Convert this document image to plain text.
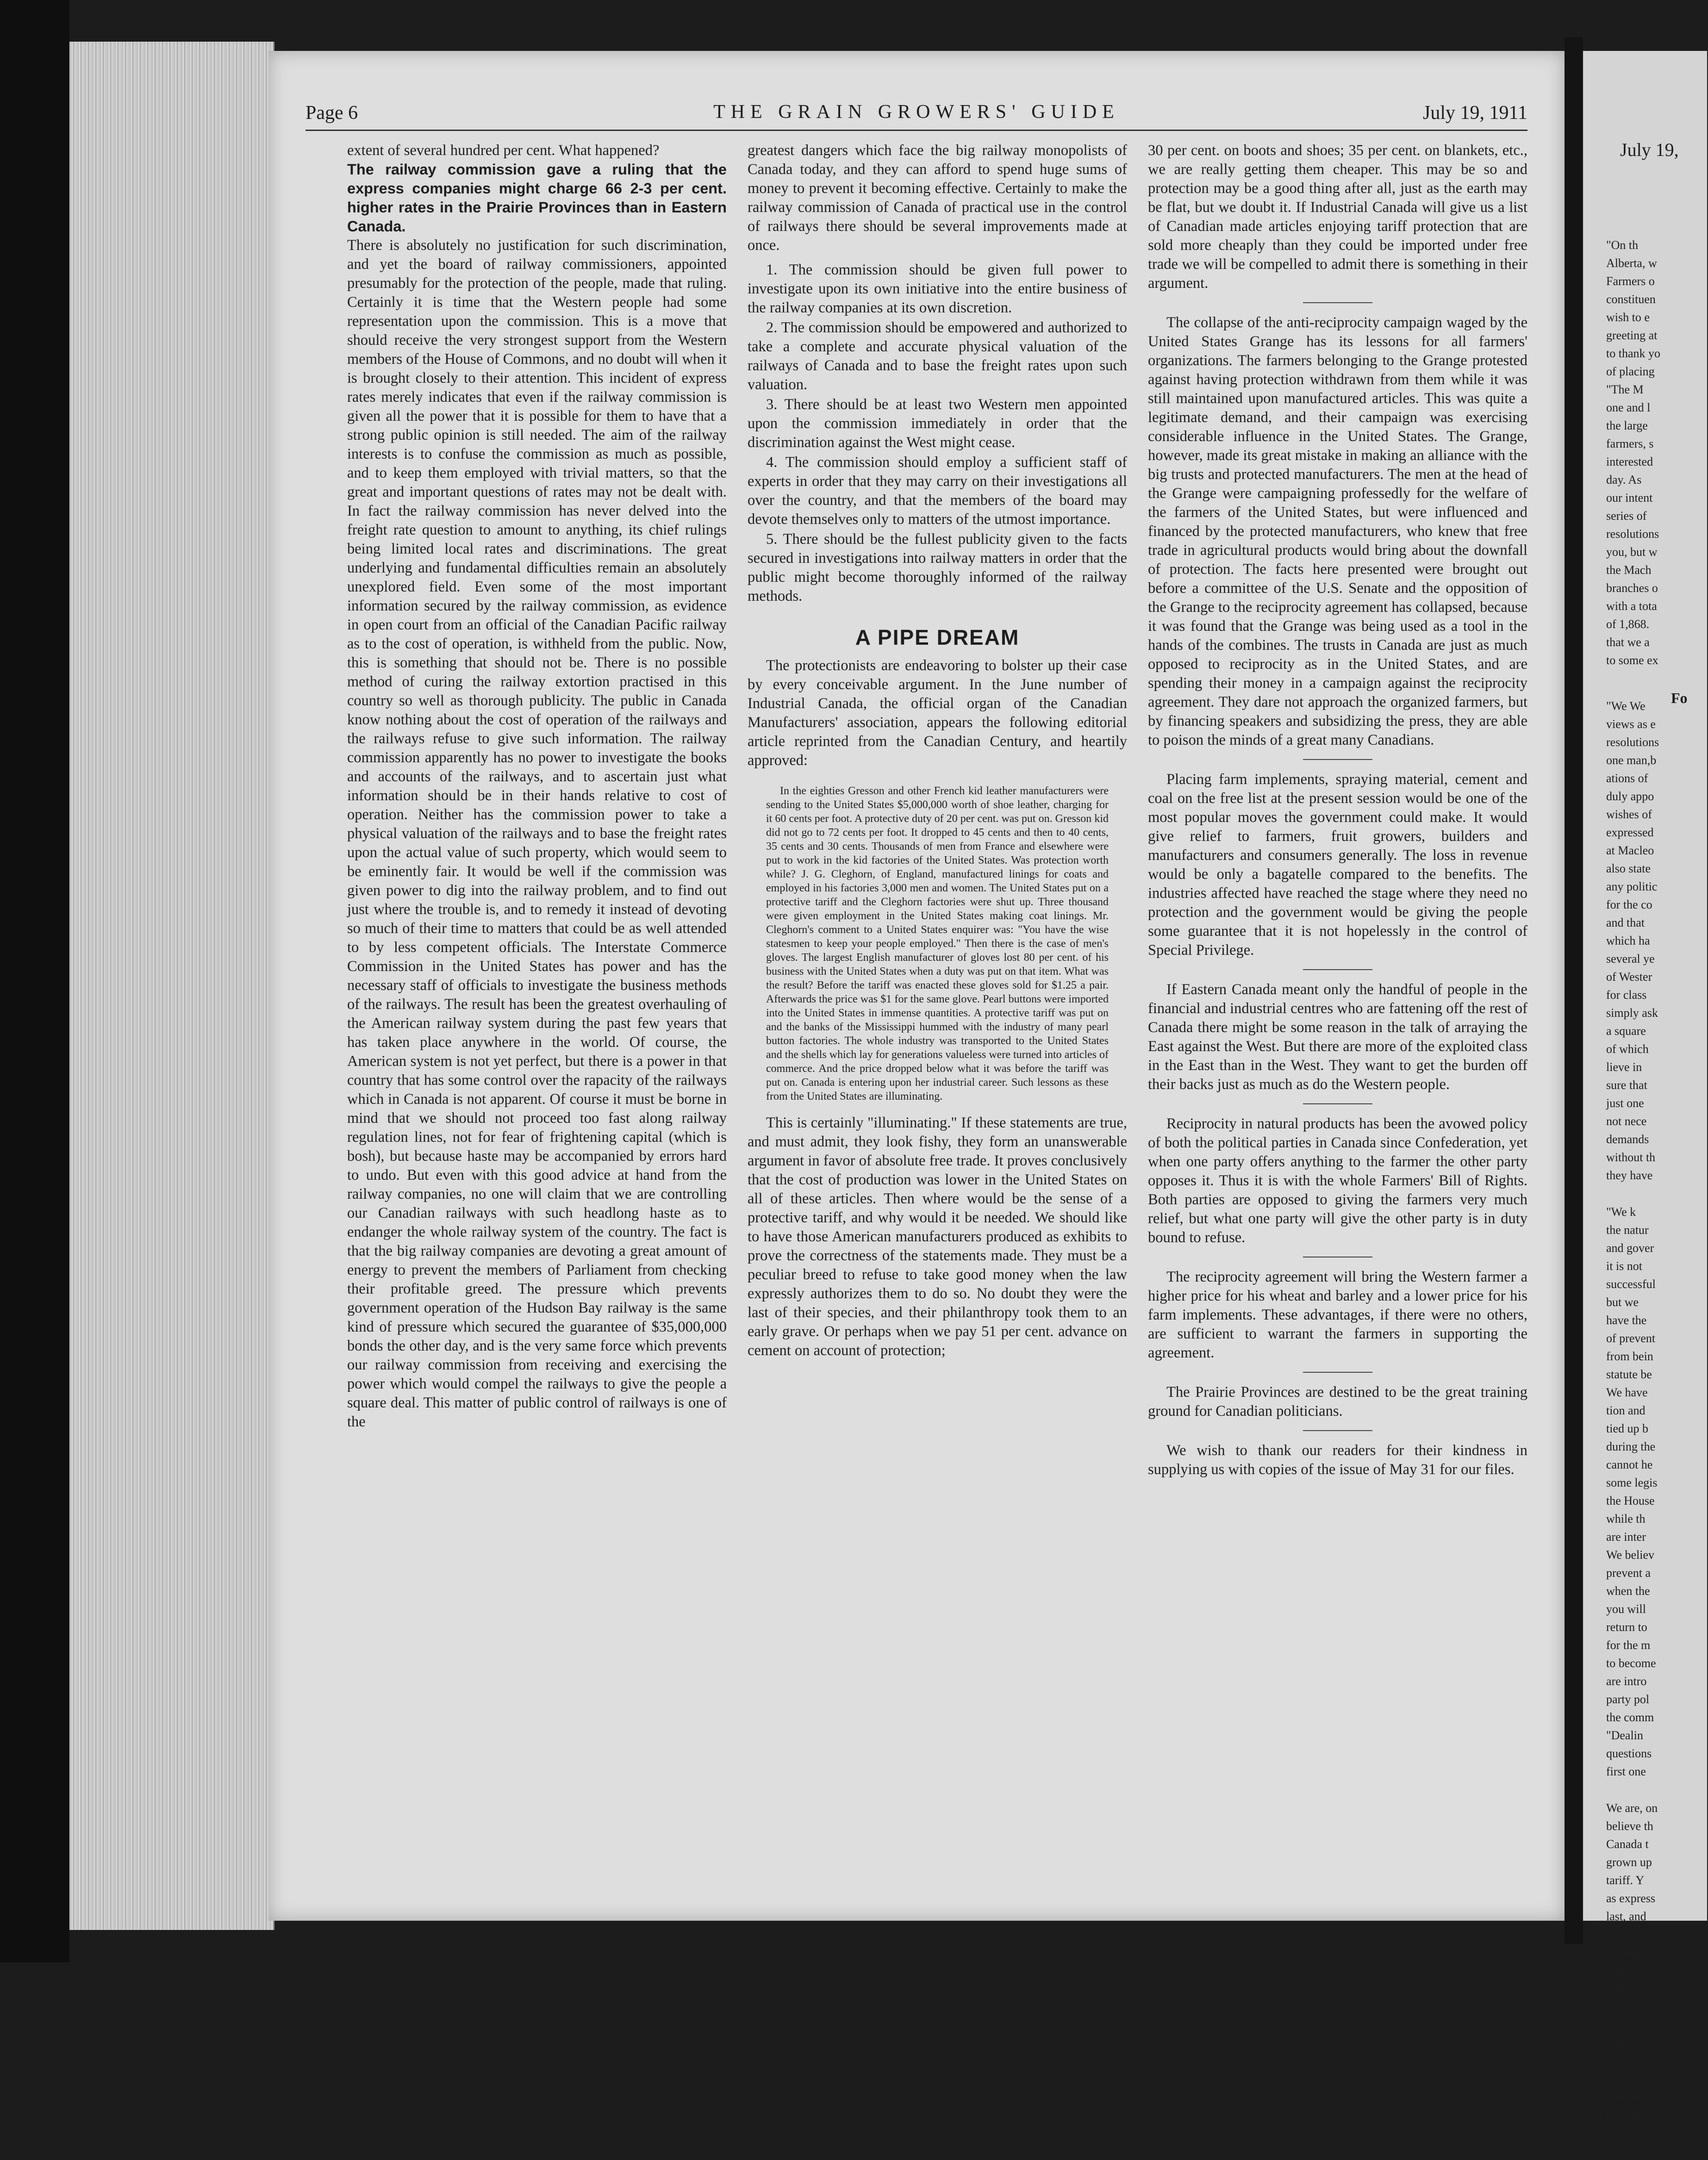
Page 6	THE GRAIN GROWERS' GUIDE	July 19, 1911

extent of several hundred per cent. What happened?

The railway commission gave a ruling that the express companies might charge 66 2-3 per cent. higher rates in the Prairie Provinces than in Eastern Canada.

There is absolutely no justification for such discrimination, and yet the board of railway commissioners, appointed presumably for the protection of the people, made that ruling. Certainly it is time that the Western people had some representation upon the commission. This is a move that should receive the very strongest support from the Western members of the House of Commons, and no doubt will when it is brought closely to their attention. This incident of express rates merely indicates that even if the railway commission is given all the power that it is possible for them to have that a strong public opinion is still needed. The aim of the railway interests is to confuse the commission as much as possible, and to keep them employed with trivial matters, so that the great and important questions of rates may not be dealt with. In fact the railway commission has never delved into the freight rate question to amount to anything, its chief rulings being limited local rates and discriminations. The great underlying and fundamental difficulties remain an absolutely unexplored field. Even some of the most important information secured by the railway commission, as evidence in open court from an official of the Canadian Pacific railway as to the cost of operation, is withheld from the public. Now, this is something that should not be. There is no possible method of curing the railway extortion practised in this country so well as thorough publicity. The public in Canada know nothing about the cost of operation of the railways and the railways refuse to give such information. The railway commission apparently has no power to investigate the books and accounts of the railways, and to ascertain just what information should be in their hands relative to cost of operation. Neither has the commission power to take a physical valuation of the railways and to base the freight rates upon the actual value of such property, which would seem to be eminently fair. It would be well if the commission was given power to dig into the railway problem, and to find out just where the trouble is, and to remedy it instead of devoting so much of their time to matters that could be as well attended to by less competent officials. The Interstate Commerce Commission in the United States has power and has the necessary staff of officials to investigate the business methods of the railways. The result has been the greatest overhauling of the American railway system during the past few years that has taken place anywhere in the world. Of course, the American system is not yet perfect, but there is a power in that country that has some control over the rapacity of the railways which in Canada is not apparent. Of course it must be borne in mind that we should not proceed too fast along railway regulation lines, not for fear of frightening capital (which is bosh), but because haste may be accompanied by errors hard to undo. But even with this good advice at hand from the railway companies, no one will claim that we are controlling our Canadian railways with such headlong haste as to endanger the whole railway system of the country. The fact is that the big railway companies are devoting a great amount of energy to prevent the members of Parliament from checking their profitable greed. The pressure which prevents government operation of the Hudson Bay railway is the same kind of pressure which secured the guarantee of $35,000,000 bonds the other day, and is the very same force which prevents our railway commission from receiving and exercising the power which would compel the railways to give the people a square deal. This matter of public control of railways is one of the

greatest dangers which face the big railway monopolists of Canada today, and they can afford to spend huge sums of money to prevent it becoming effective. Certainly to make the railway commission of Canada of practical use in the control of railways there should be several improvements made at once.

1. The commission should be given full power to investigate upon its own initiative into the entire business of the railway companies at its own discretion.

2. The commission should be empowered and authorized to take a complete and accurate physical valuation of the railways of Canada and to base the freight rates upon such valuation.

3. There should be at least two Western men appointed upon the commission immediately in order that the discrimination against the West might cease.

4. The commission should employ a sufficient staff of experts in order that they may carry on their investigations all over the country, and that the members of the board may devote themselves only to matters of the utmost importance.

5. There should be the fullest publicity given to the facts secured in investigations into railway matters in order that the public might become thoroughly informed of the railway methods.

A PIPE DREAM

The protectionists are endeavoring to bolster up their case by every conceivable argument. In the June number of Industrial Canada, the official organ of the Canadian Manufacturers' association, appears the following editorial article reprinted from the Canadian Century, and heartily approved:

In the eighties Gresson and other French kid leather manufacturers were sending to the United States $5,000,000 worth of shoe leather, charging for it 60 cents per foot. A protective duty of 20 per cent. was put on. Gresson kid did not go to 72 cents per foot. It dropped to 45 cents and then to 40 cents, 35 cents and 30 cents. Thousands of men from France and elsewhere were put to work in the kid factories of the United States. Was protection worth while? J. G. Cleghorn, of England, manufactured linings for coats and employed in his factories 3,000 men and women. The United States put on a protective tariff and the Cleghorn factories were shut up. Three thousand were given employment in the United States making coat linings. Mr. Cleghorn's comment to a United States enquirer was: "You have the wise statesmen to keep your people employed." Then there is the case of men's gloves. The largest English manufacturer of gloves lost 80 per cent. of his business with the United States when a duty was put on that item. What was the result? Before the tariff was enacted these gloves sold for $1.25 a pair. Afterwards the price was $1 for the same glove. Pearl buttons were imported into the United States in immense quantities. A protective tariff was put on and the banks of the Mississippi hummed with the industry of many pearl button factories. The whole industry was transported to the United States and the shells which lay for generations valueless were turned into articles of commerce. And the price dropped below what it was before the tariff was put on. Canada is entering upon her industrial career. Such lessons as these from the United States are illuminating.

This is certainly "illuminating." If these statements are true, and must admit, they look fishy, they form an unanswerable argument in favor of absolute free trade. It proves conclusively that the cost of production was lower in the United States on all of these articles. Then where would be the sense of a protective tariff, and why would it be needed. We should like to have those American manufacturers produced as exhibits to prove the correctness of the statements made. They must be a peculiar breed to refuse to take good money when the law expressly authorizes them to do so. No doubt they were the last of their species, and their philanthropy took them to an early grave. Or perhaps when we pay 51 per cent. advance on cement on account of protection;

30 per cent. on boots and shoes; 35 per cent. on blankets, etc., we are really getting them cheaper. This may be so and protection may be a good thing after all, just as the earth may be flat, but we doubt it. If Industrial Canada will give us a list of Canadian made articles enjoying tariff protection that are sold more cheaply than they could be imported under free trade we will be compelled to admit there is something in their argument.

The collapse of the anti-reciprocity campaign waged by the United States Grange has its lessons for all farmers' organizations. The farmers belonging to the Grange protested against having protection withdrawn from them while it was still maintained upon manufactured articles. This was quite a legitimate demand, and their campaign was exercising considerable influence in the United States. The Grange, however, made its great mistake in making an alliance with the big trusts and protected manufacturers. The men at the head of the Grange were campaigning professedly for the welfare of the farmers of the United States, but were influenced and financed by the protected manufacturers, who knew that free trade in agricultural products would bring about the downfall of protection. The facts here presented were brought out before a committee of the U.S. Senate and the opposition of the Grange to the reciprocity agreement has collapsed, because it was found that the Grange was being used as a tool in the hands of the combines. The trusts in Canada are just as much opposed to reciprocity as in the United States, and are spending their money in a campaign against the reciprocity agreement. They dare not approach the organized farmers, but by financing speakers and subsidizing the press, they are able to poison the minds of a great many Canadians.

Placing farm implements, spraying material, cement and coal on the free list at the present session would be one of the most popular moves the government could make. It would give relief to farmers, fruit growers, builders and manufacturers and consumers generally. The loss in revenue would be only a bagatelle compared to the benefits. The industries affected have reached the stage where they need no protection and the government would be giving the people some guarantee that it is not hopelessly in the control of Special Privilege.

If Eastern Canada meant only the handful of people in the financial and industrial centres who are fattening off the rest of Canada there might be some reason in the talk of arraying the East against the West. But there are more of the exploited class in the East than in the West. They want to get the burden off their backs just as much as do the Western people.

Reciprocity in natural products has been the avowed policy of both the political parties in Canada since Confederation, yet when one party offers anything to the farmer the other party opposes it. Thus it is with the whole Farmers' Bill of Rights. Both parties are opposed to giving the farmers very much relief, but what one party will give the other party is in duty bound to refuse.

The reciprocity agreement will bring the Western farmer a higher price for his wheat and barley and a lower price for his farm implements. These advantages, if there were no others, are sufficient to warrant the farmers in supporting the agreement.

The Prairie Provinces are destined to be the great training ground for Canadian politicians.

We wish to thank our readers for their kindness in supplying us with copies of the issue of May 31 for our files.

July 19,
Fo
"On th
Alberta, w
Farmers o
constituen
wish to e
greeting at
to thank yo
of placing
"The M
one and l
the large
farmers, s
interested
day. As
our intent
series of
resolutions
you, but w
the Mach
branches o
with a tota
of 1,868.
that we a
to some ex
"We We
views as e
resolutions
one man,b
ations of
duly appo
wishes of
expressed
at Macleo
also state
any politic
for the co
and that
which ha
several ye
of Wester
for class
simply ask
a square
of which
lieve in
sure that
just one
not nece
demands
without th
they have
"We k
the natur
and gover
it is not
successful
but we
have the
of prevent
from bein
statute be
We have
tion and
tied up b
during the
cannot he
some legis
the House
while th
are inter
We believ
prevent a
when the
you will
return to
for the m
to become
are intro
party pol
the comm
"Dealin
questions
first one
We are, on
believe th
Canada t
grown up
tariff. Y
as express
last, and
booklet f
through
made at
correct t
that time
that if th
that it w
"Sir, a
was repo
statement
the year
the House
whom yo
